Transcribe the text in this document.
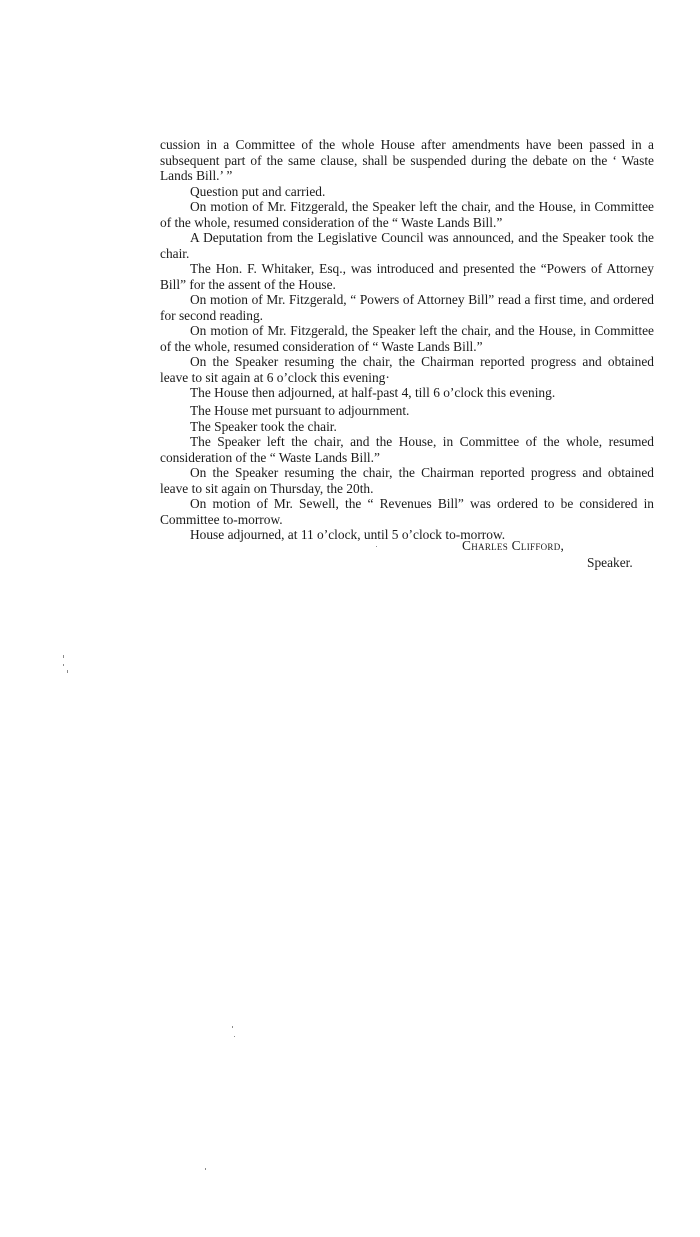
cussion in a Committee of the whole House after amendments have been passed in a subsequent part of the same clause, shall be suspended during the debate on the ‘ Waste Lands Bill.’ ”

Question put and carried.

On motion of Mr. Fitzgerald, the Speaker left the chair, and the House, in Committee of the whole, resumed consideration of the “ Waste Lands Bill.”

A Deputation from the Legislative Council was announced, and the Speaker took the chair.

The Hon. F. Whitaker, Esq., was introduced and presented the “Powers of Attorney Bill” for the assent of the House.

On motion of Mr. Fitzgerald, “ Powers of Attorney Bill” read a first time, and ordered for second reading.

On motion of Mr. Fitzgerald, the Speaker left the chair, and the House, in Committee of the whole, resumed consideration of “ Waste Lands Bill.”

On the Speaker resuming the chair, the Chairman reported progress and obtained leave to sit again at 6 o’clock this evening·

The House then adjourned, at half-past 4, till 6 o’clock this evening.

The House met pursuant to adjournment.

The Speaker took the chair.

The Speaker left the chair, and the House, in Committee of the whole, resumed consideration of the “ Waste Lands Bill.”

On the Speaker resuming the chair, the Chairman reported progress and obtained leave to sit again on Thursday, the 20th.

On motion of Mr. Sewell, the “ Revenues Bill” was ordered to be considered in Committee to-morrow.

House adjourned, at 11 o’clock, until 5 o’clock to-morrow.

Charles Clifford,
Speaker.
